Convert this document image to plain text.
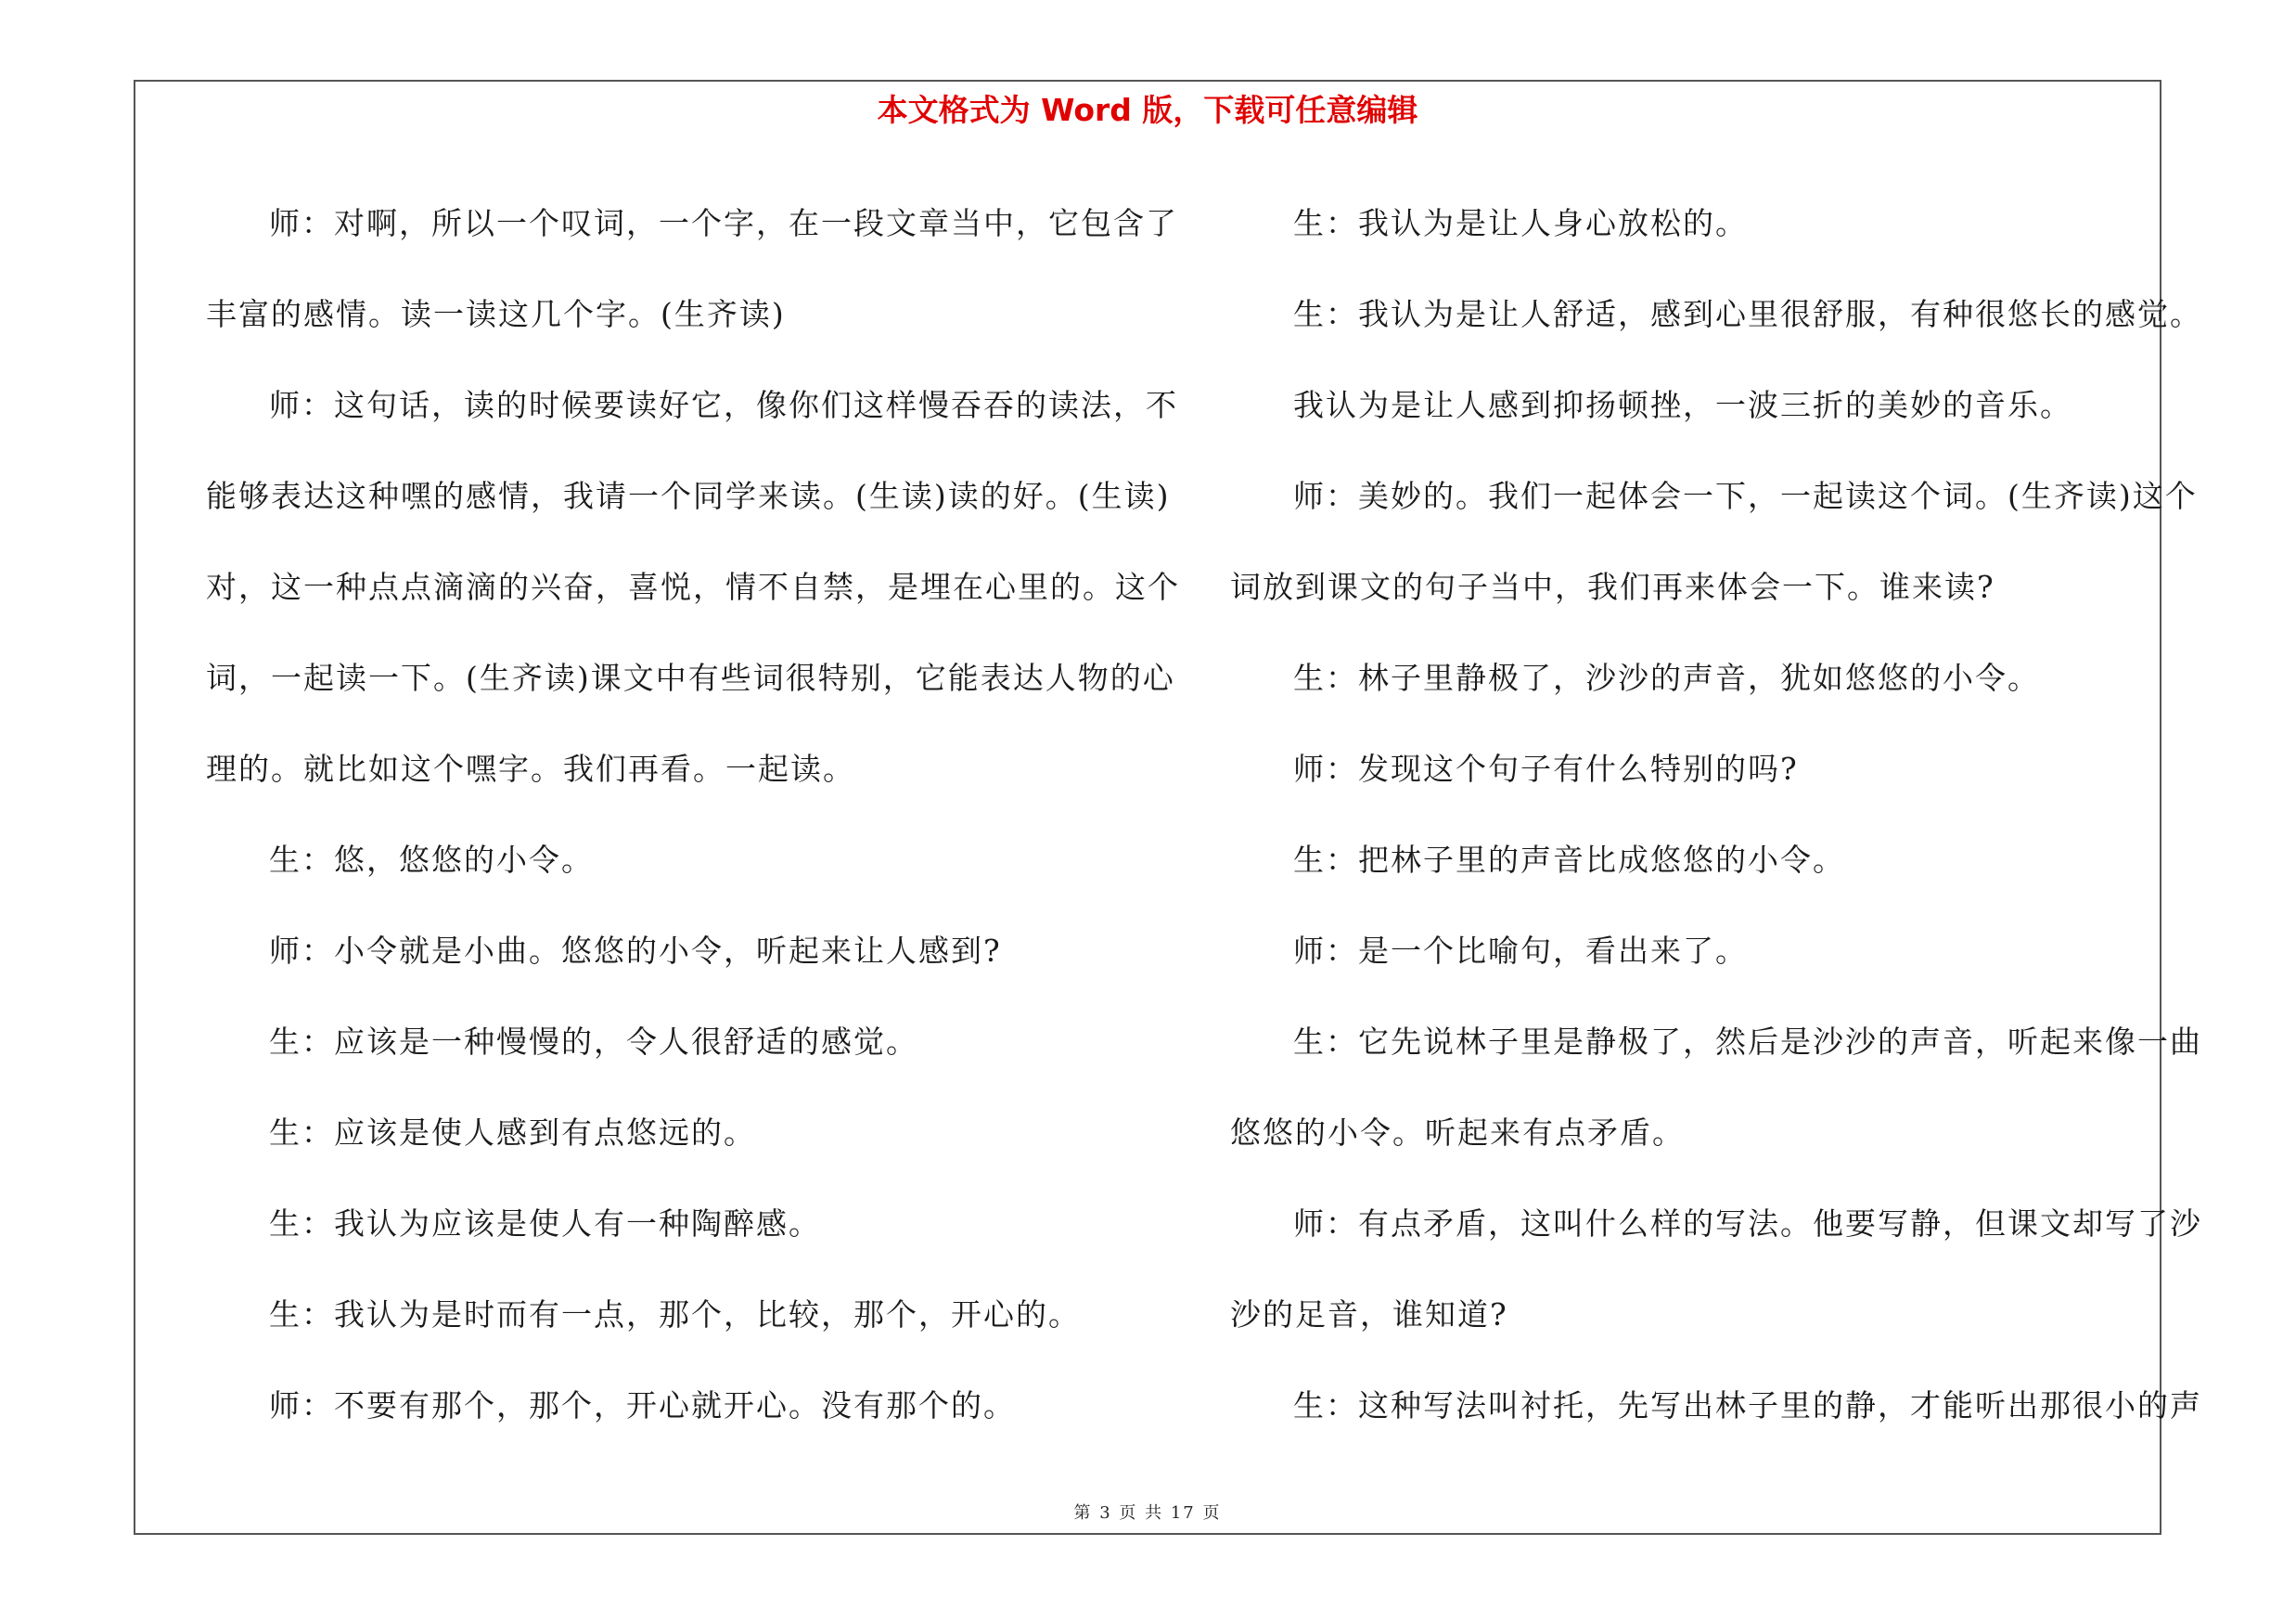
本文格式为 Word 版，下载可任意编辑
师：对啊，所以一个叹词，一个字，在一段文章当中，它包含了
丰富的感情。读一读这几个字。(生齐读)
师：这句话，读的时候要读好它，像你们这样慢吞吞的读法，不
能够表达这种嘿的感情，我请一个同学来读。(生读)读的好。(生读)
对，这一种点点滴滴的兴奋，喜悦，情不自禁，是埋在心里的。这个
词，一起读一下。(生齐读)课文中有些词很特别，它能表达人物的心
理的。就比如这个嘿字。我们再看。一起读。
生：悠，悠悠的小令。
师：小令就是小曲。悠悠的小令，听起来让人感到?
生：应该是一种慢慢的，令人很舒适的感觉。
生：应该是使人感到有点悠远的。
生：我认为应该是使人有一种陶醉感。
生：我认为是时而有一点，那个，比较，那个，开心的。
师：不要有那个，那个，开心就开心。没有那个的。
生：我认为是让人身心放松的。
生：我认为是让人舒适，感到心里很舒服，有种很悠长的感觉。
我认为是让人感到抑扬顿挫，一波三折的美妙的音乐。
师：美妙的。我们一起体会一下，一起读这个词。(生齐读)这个
词放到课文的句子当中，我们再来体会一下。谁来读?
生：林子里静极了，沙沙的声音，犹如悠悠的小令。
师：发现这个句子有什么特别的吗?
生：把林子里的声音比成悠悠的小令。
师：是一个比喻句，看出来了。
生：它先说林子里是静极了，然后是沙沙的声音，听起来像一曲
悠悠的小令。听起来有点矛盾。
师：有点矛盾，这叫什么样的写法。他要写静，但课文却写了沙
沙的足音，谁知道?
生：这种写法叫衬托，先写出林子里的静，才能听出那很小的声
第 3 页 共 17 页
